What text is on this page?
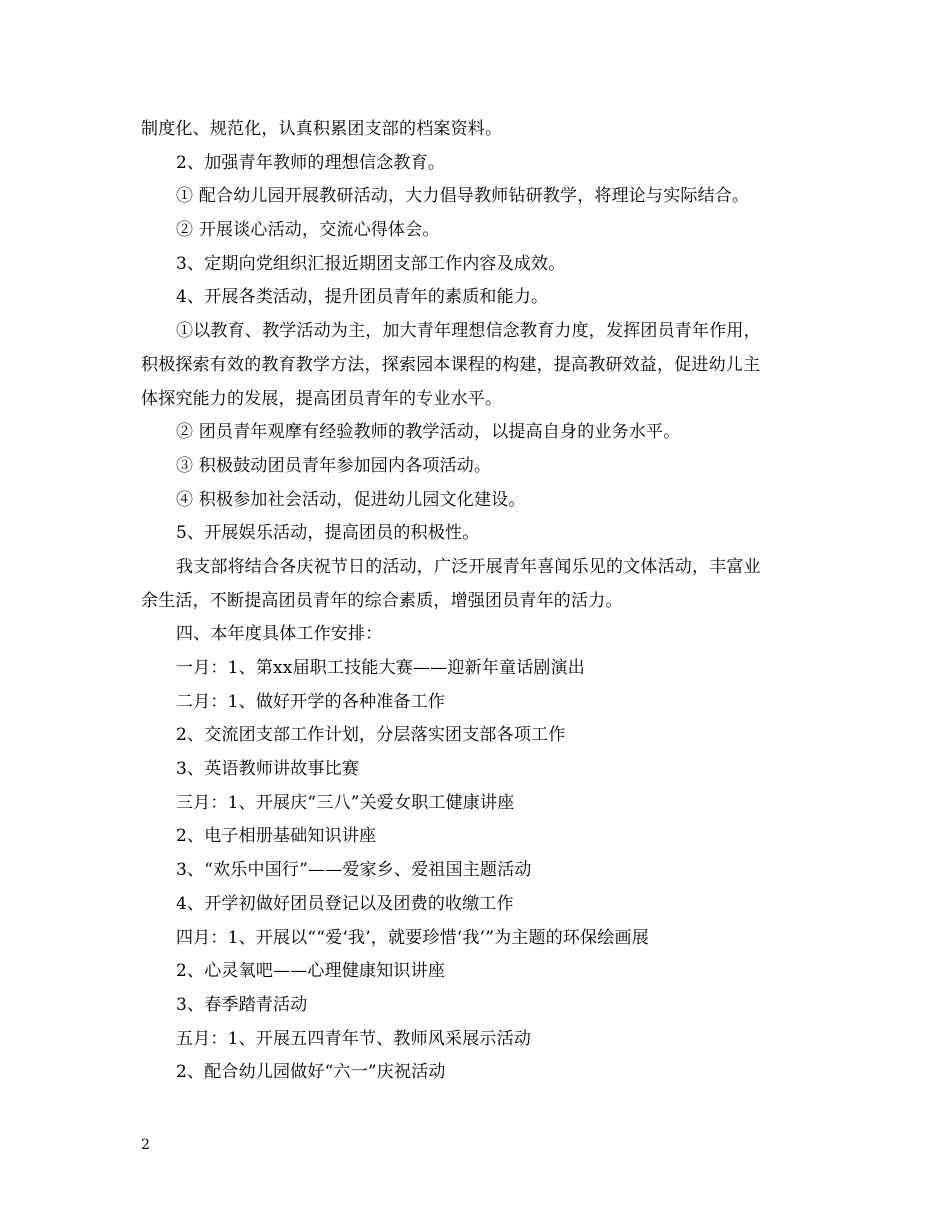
制度化、规范化，认真积累团支部的档案资料。
2、加强青年教师的理想信念教育。
① 配合幼儿园开展教研活动，大力倡导教师钻研教学，将理论与实际结合。
② 开展谈心活动，交流心得体会。
3、定期向党组织汇报近期团支部工作内容及成效。
4、开展各类活动，提升团员青年的素质和能力。
①以教育、教学活动为主，加大青年理想信念教育力度，发挥团员青年作用，
积极探索有效的教育教学方法，探索园本课程的构建，提高教研效益，促进幼儿主
体探究能力的发展，提高团员青年的专业水平。
② 团员青年观摩有经验教师的教学活动，以提高自身的业务水平。
③ 积极鼓动团员青年参加园内各项活动。
④ 积极参加社会活动，促进幼儿园文化建设。
5、开展娱乐活动，提高团员的积极性。
我支部将结合各庆祝节日的活动，广泛开展青年喜闻乐见的文体活动，丰富业
余生活，不断提高团员青年的综合素质，增强团员青年的活力。
四、本年度具体工作安排：
一月：1、第xx届职工技能大赛——迎新年童话剧演出
二月：1、做好开学的各种准备工作
2、交流团支部工作计划，分层落实团支部各项工作
3、英语教师讲故事比赛
三月：1、开展庆“三八”关爱女职工健康讲座
2、电子相册基础知识讲座
3、“欢乐中国行”——爱家乡、爱祖国主题活动
4、开学初做好团员登记以及团费的收缴工作
四月：1、开展以““爱‘我’，就要珍惜‘我’”为主题的环保绘画展
2、心灵氧吧——心理健康知识讲座
3、春季踏青活动
五月：1、开展五四青年节、教师风采展示活动
2、配合幼儿园做好“六一”庆祝活动
2
